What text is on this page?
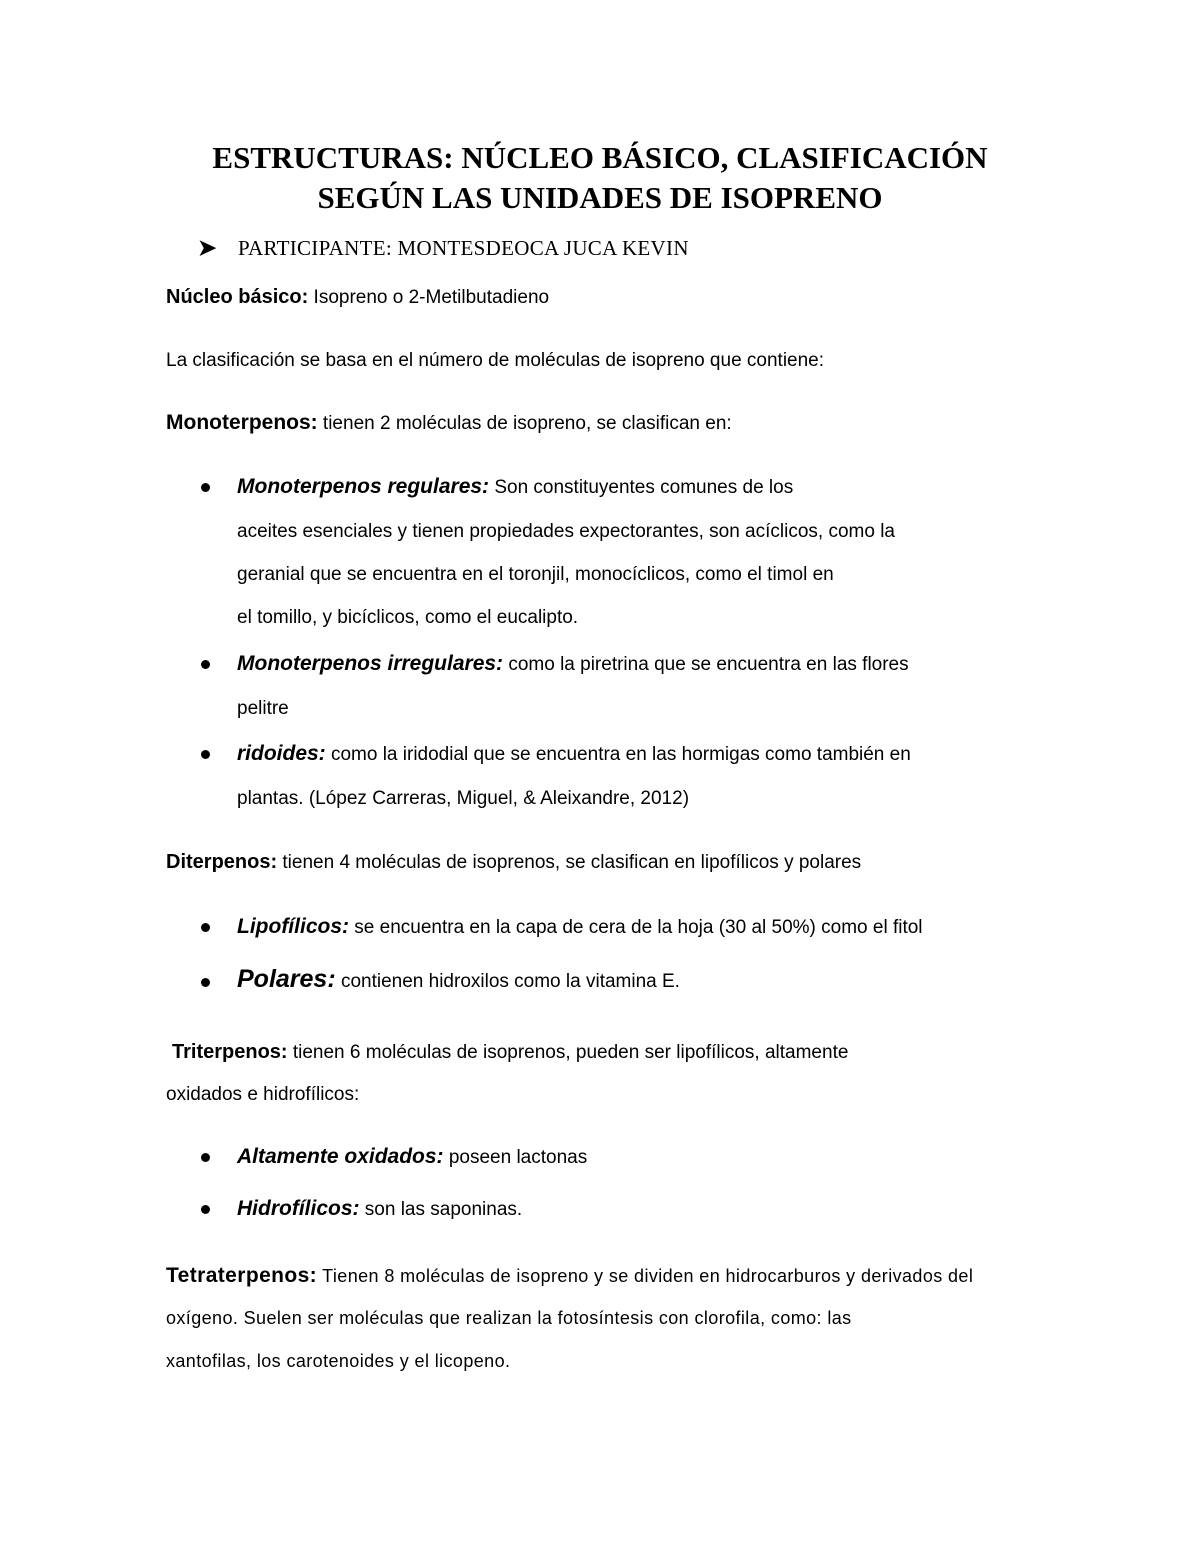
ESTRUCTURAS: NÚCLEO BÁSICO, CLASIFICACIÓN
SEGÚN LAS UNIDADES DE ISOPRENO
➤ PARTICIPANTE: MONTESDEOCA JUCA KEVIN
Núcleo básico: Isopreno o 2-Metilbutadieno
La clasificación se basa en el número de moléculas de isopreno que contiene:
Monoterpenos: tienen 2 moléculas de isopreno, se clasifican en:
Monoterpenos regulares: Son constituyentes comunes de los
aceites esenciales y tienen propiedades expectorantes, son acíclicos, como la
geranial que se encuentra en el toronjil, monocíclicos, como el timol en
el tomillo, y bicíclicos, como el eucalipto.
Monoterpenos irregulares: como la piretrina que se encuentra en las flores
pelitre
ridoides: como la iridodial que se encuentra en las hormigas como también en
plantas. (López Carreras, Miguel, & Aleixandre, 2012)
Diterpenos: tienen 4 moléculas de isoprenos, se clasifican en lipofílicos y polares
Lipofílicos: se encuentra en la capa de cera de la hoja (30 al 50%) como el fitol
Polares: contienen hidroxilos como la vitamina E.
Triterpenos: tienen 6 moléculas de isoprenos, pueden ser lipofílicos, altamente
oxidados e hidrofílicos:
Altamente oxidados: poseen lactonas
Hidrofílicos: son las saponinas.
Tetraterpenos: Tienen 8 moléculas de isopreno y se dividen en hidrocarburos y derivados del
oxígeno. Suelen ser moléculas que realizan la fotosíntesis con clorofila, como: las
xantofilas, los carotenoides y el licopeno.
